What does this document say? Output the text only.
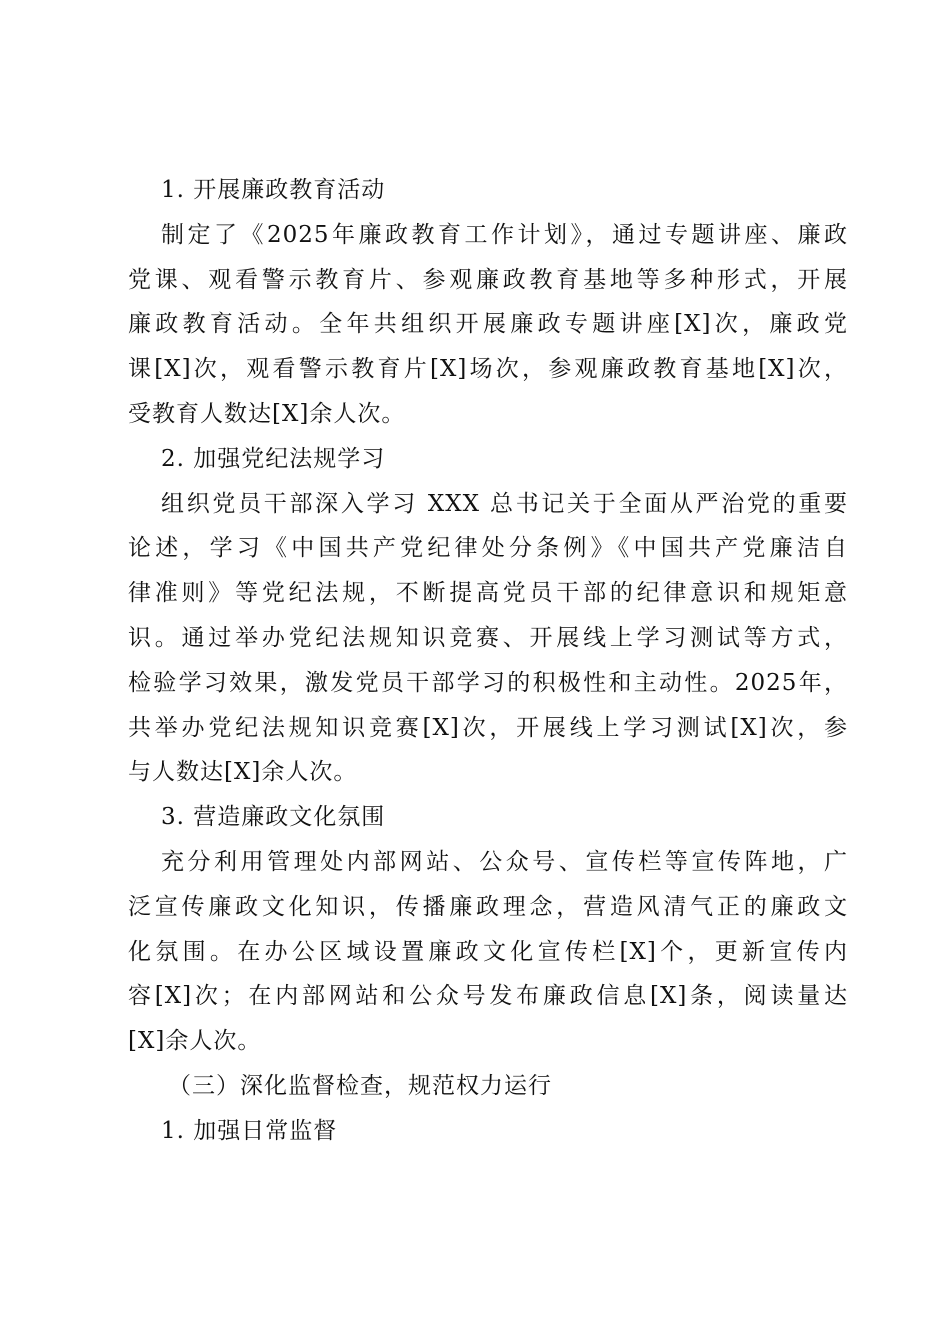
1. 开展廉政教育活动
制定了《2025年廉政教育工作计划》，通过专题讲座、廉政
党课、观看警示教育片、参观廉政教育基地等多种形式，开展
廉政教育活动。全年共组织开展廉政专题讲座[X]次，廉政党
课[X]次，观看警示教育片[X]场次，参观廉政教育基地[X]次，
受教育人数达[X]余人次。
2. 加强党纪法规学习
组织党员干部深入学习 XXX 总书记关于全面从严治党的重要
论述，学习《中国共产党纪律处分条例》《中国共产党廉洁自
律准则》等党纪法规，不断提高党员干部的纪律意识和规矩意
识。通过举办党纪法规知识竞赛、开展线上学习测试等方式，
检验学习效果，激发党员干部学习的积极性和主动性。2025年，
共举办党纪法规知识竞赛[X]次，开展线上学习测试[X]次，参
与人数达[X]余人次。
3. 营造廉政文化氛围
充分利用管理处内部网站、公众号、宣传栏等宣传阵地，广
泛宣传廉政文化知识，传播廉政理念，营造风清气正的廉政文
化氛围。在办公区域设置廉政文化宣传栏[X]个，更新宣传内
容[X]次；在内部网站和公众号发布廉政信息[X]条，阅读量达
[X]余人次。
（三）深化监督检查，规范权力运行
1. 加强日常监督
